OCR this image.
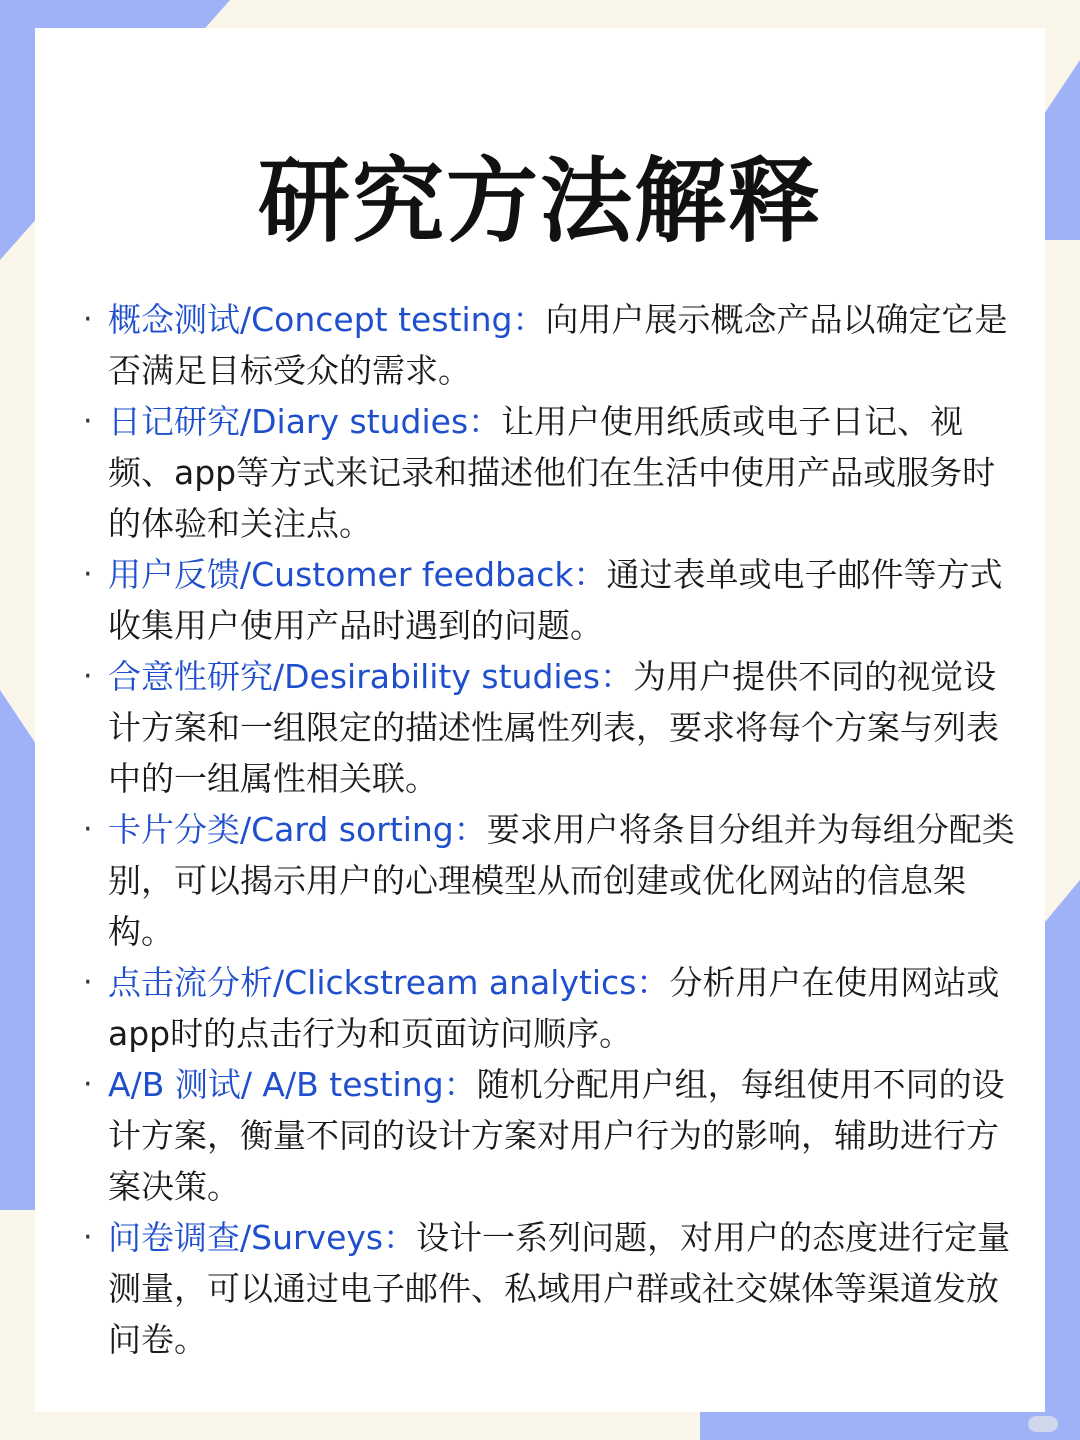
研究方法解释
· 概念测试/Concept testing：向用户展示概念产品以确定它是否满足目标受众的需求。
· 日记研究/Diary studies：让用户使用纸质或电子日记、视频、app等方式来记录和描述他们在生活中使用产品或服务时的体验和关注点。
· 用户反馈/Customer feedback：通过表单或电子邮件等方式收集用户使用产品时遇到的问题。
· 合意性研究/Desirability studies：为用户提供不同的视觉设计方案和一组限定的描述性属性列表，要求将每个方案与列表中的一组属性相关联。
· 卡片分类/Card sorting：要求用户将条目分组并为每组分配类别，可以揭示用户的心理模型从而创建或优化网站的信息架构。
· 点击流分析/Clickstream analytics：分析用户在使用网站或app时的点击行为和页面访问顺序。
· A/B 测试/ A/B testing：随机分配用户组，每组使用不同的设计方案，衡量不同的设计方案对用户行为的影响，辅助进行方案决策。
· 问卷调查/Surveys：设计一系列问题，对用户的态度进行定量测量，可以通过电子邮件、私域用户群或社交媒体等渠道发放问卷。
